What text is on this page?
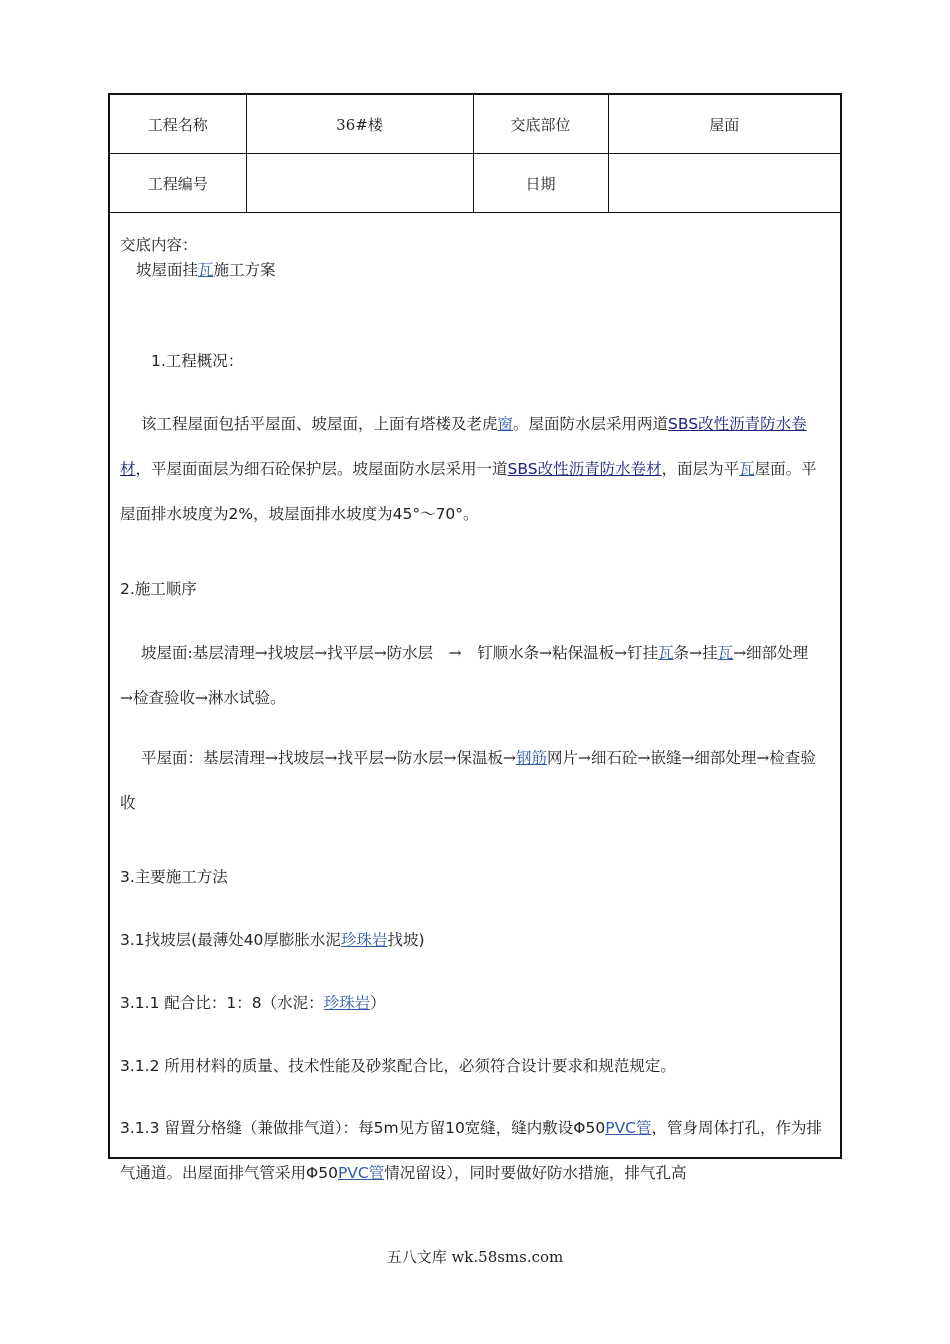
工程名称	36#楼	交底部位	屋面
工程编号		日期	

交底内容：

坡屋面挂瓦施工方案

1.工程概况：

该工程屋面包括平屋面、坡屋面，上面有塔楼及老虎窗。屋面防水层采用两道SBS改性沥青防水卷材，平屋面面层为细石砼保护层。坡屋面防水层采用一道SBS改性沥青防水卷材，面层为平瓦屋面。平屋面排水坡度为2%，坡屋面排水坡度为45°～70°。

2.施工顺序

坡屋面:基层清理→找坡层→找平层→防水层　→　钉顺水条→粘保温板→钉挂瓦条→挂瓦→细部处理　→检查验收→淋水试验。

平屋面：基层清理→找坡层→找平层→防水层→保温板→钢筋网片→细石砼→嵌缝→细部处理→检查验收

3.主要施工方法

3.1找坡层(最薄处40厚膨胀水泥珍珠岩找坡)

3.1.1 配合比：1：8（水泥：珍珠岩）

3.1.2 所用材料的质量、技术性能及砂浆配合比，必须符合设计要求和规范规定。

3.1.3 留置分格缝（兼做排气道）：每5m见方留10宽缝，缝内敷设Φ50PVC管，管身周体打孔，作为排气通道。出屋面排气管采用Φ50PVC管情况留设），同时要做好防水措施，排气孔高

五八文库 wk.58sms.com
